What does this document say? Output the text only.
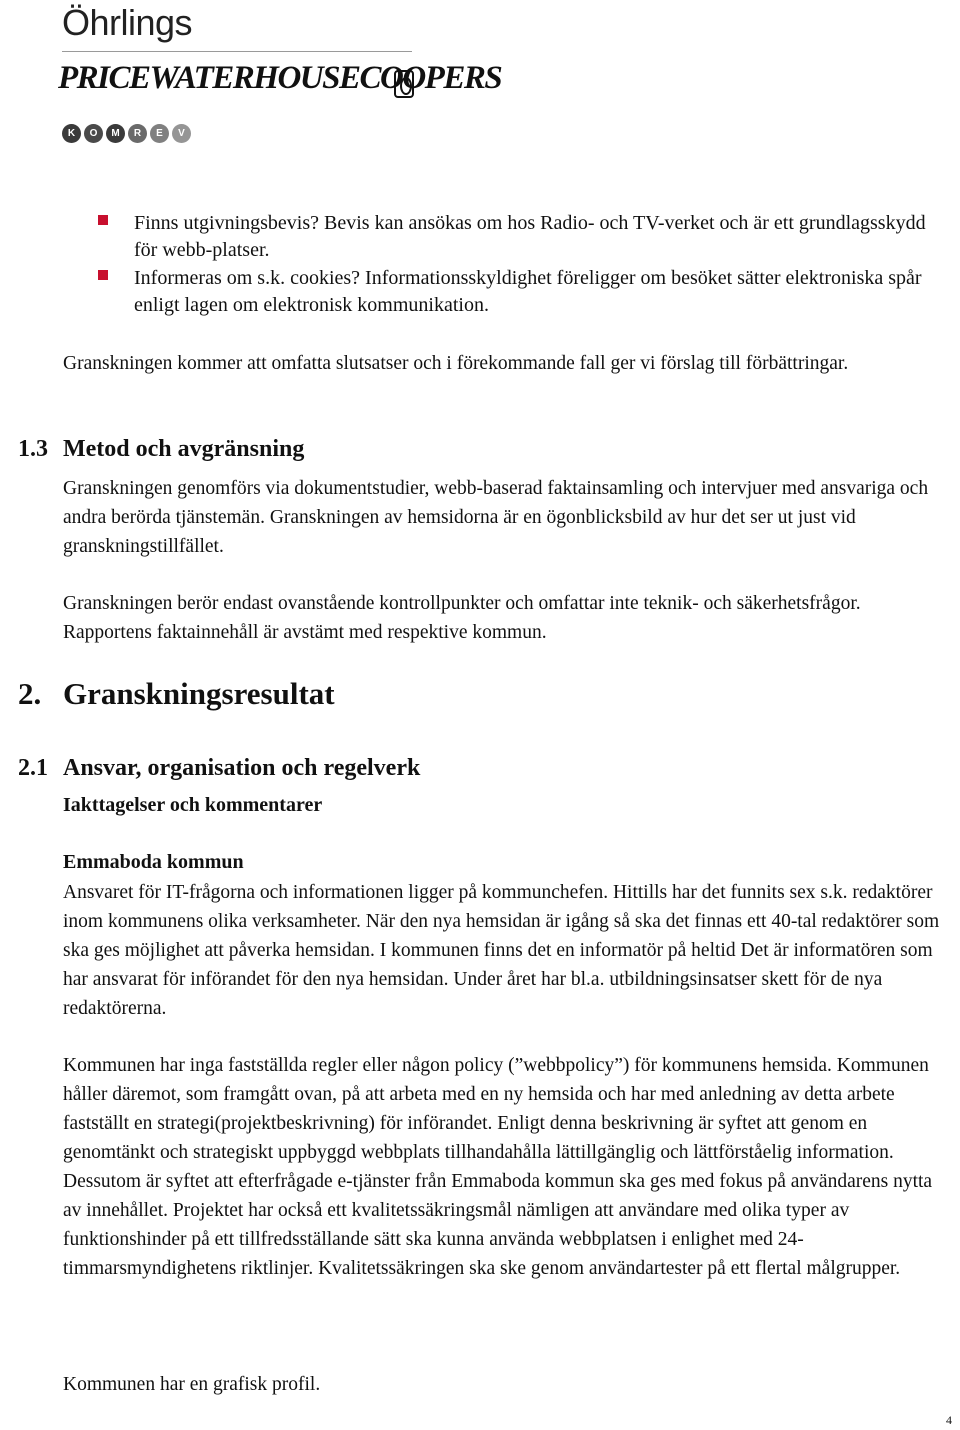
Öhrlings
PRICEWATERHOUSECOOPERS
K	O	M	R	E	V
Finns utgivningsbevis? Bevis kan ansökas om hos Radio- och TV-verket och är ett grundlagsskydd för webb-platser.
Informeras om s.k. cookies? Informationsskyldighet föreligger om besöket sätter elektroniska spår enligt lagen om elektronisk kommunikation.

Granskningen kommer att omfatta slutsatser och i förekommande fall ger vi förslag till förbättringar.

1.3 Metod och avgränsning

Granskningen genomförs via dokumentstudier, webb-baserad faktainsamling och intervjuer med ansvariga och andra berörda tjänstemän. Granskningen av hemsidorna är en ögonblicksbild av hur det ser ut just vid granskningstillfället.

Granskningen berör endast ovanstående kontrollpunkter och omfattar inte teknik- och säkerhetsfrågor. Rapportens faktainnehåll är avstämt med respektive kommun.

2. Granskningsresultat
2.1 Ansvar, organisation och regelverk
Iakttagelser och kommentarer
Emmaboda kommun

Ansvaret för IT-frågorna och informationen ligger på kommunchefen. Hittills har det funnits sex s.k. redaktörer inom kommunens olika verksamheter. När den nya hemsidan är igång så ska det finnas ett 40-tal redaktörer som ska ges möjlighet att påverka hemsidan. I kommunen finns det en informatör på heltid Det är informatören som har ansvarat för införandet för den nya hemsidan. Under året har bl.a. utbildningsinsatser skett för de nya redaktörerna.

Kommunen har inga fastställda regler eller någon policy (”webbpolicy”) för kommunens hemsida. Kommunen håller däremot, som framgått ovan, på att arbeta med en ny hemsida och har med anledning av detta arbete fastställt en strategi(projektbeskrivning) för införandet. Enligt denna beskrivning är syftet att genom en genomtänkt och strategiskt uppbyggd webbplats tillhandahålla lättillgänglig och lättförståelig information. Dessutom är syftet att efterfrågade e-tjänster från Emmaboda kommun ska ges med fokus på användarens nytta av innehållet. Projektet har också ett kvalitetssäkringsmål nämligen att användare med olika typer av funktionshinder på ett tillfredsställande sätt ska kunna använda webbplatsen i enlighet med 24-timmarsmyndighetens riktlinjer. Kvalitetssäkringen ska ske genom användartester på ett flertal målgrupper.

Kommunen har en grafisk profil.

4
